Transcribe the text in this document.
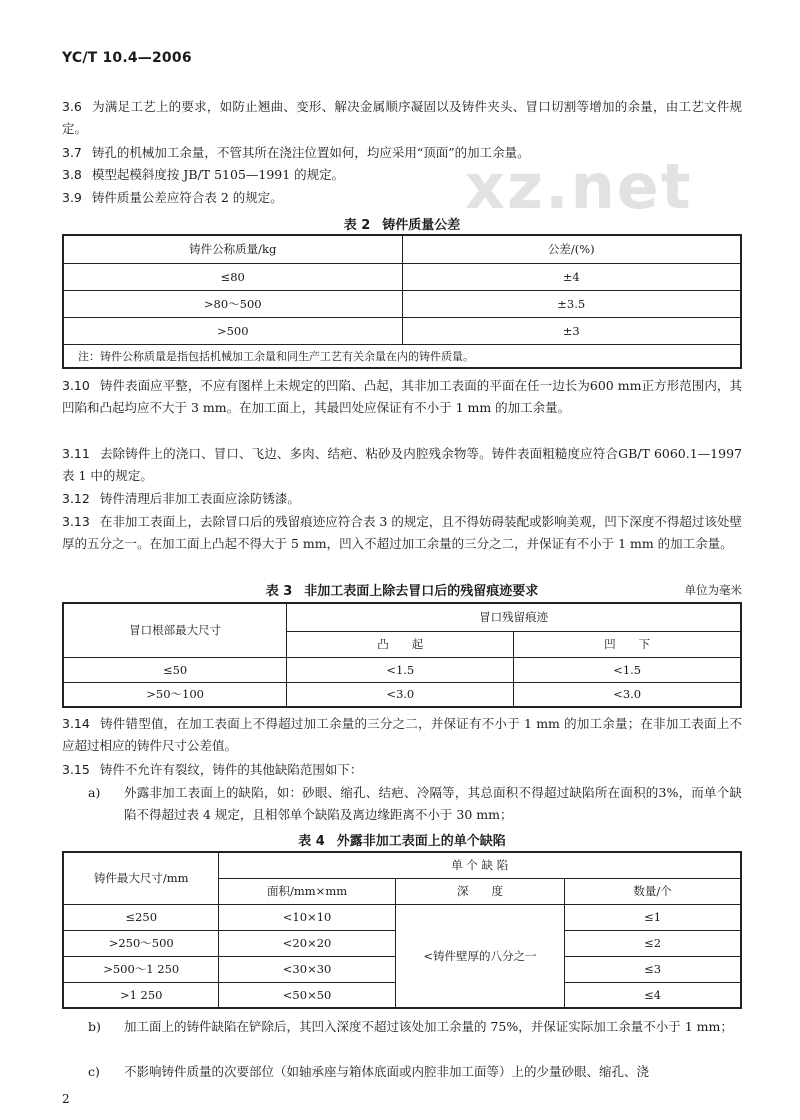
YC/T 10.4—2006
xz.net
3.6 为满足工艺上的要求，如防止翘曲、变形、解决金属顺序凝固以及铸件夹头、冒口切割等增加的余量，由工艺文件规定。
3.7 铸孔的机械加工余量，不管其所在浇注位置如何，均应采用“顶面”的加工余量。
3.8 模型起模斜度按 JB/T 5105—1991 的规定。
3.9 铸件质量公差应符合表 2 的规定。
表 2 铸件质量公差
铸件公称质量/kg	公差/(%)
≤80	±4
>80～500	±3.5
>500	±3
注：铸件公称质量是指包括机械加工余量和同生产工艺有关余量在内的铸件质量。	
3.10 铸件表面应平整，不应有图样上未规定的凹陷、凸起，其非加工表面的平面在任一边长为600 mm正方形范围内，其凹陷和凸起均应不大于 3 mm。在加工面上，其最凹处应保证有不小于 1 mm 的加工余量。
3.11 去除铸件上的浇口、冒口、飞边、多肉、结疤、粘砂及内腔残余物等。铸件表面粗糙度应符合GB/T 6060.1—1997表 1 中的规定。
3.12 铸件清理后非加工表面应涂防锈漆。
3.13 在非加工表面上，去除冒口后的残留痕迹应符合表 3 的规定，且不得妨碍装配或影响美观，凹下深度不得超过该处壁厚的五分之一。在加工面上凸起不得大于 5 mm，凹入不超过加工余量的三分之二，并保证有不小于 1 mm 的加工余量。
表 3 非加工表面上除去冒口后的残留痕迹要求	单位为毫米
冒口根部最大尺寸	冒口残留痕迹	
	凸　　起	凹　　下
≤50	<1.5	<1.5
>50～100	<3.0	<3.0
3.14 铸件错型值，在加工表面上不得超过加工余量的三分之二，并保证有不小于 1 mm 的加工余量；在非加工表面上不应超过相应的铸件尺寸公差值。
3.15 铸件不允许有裂纹，铸件的其他缺陷范围如下：
a) 外露非加工表面上的缺陷，如：砂眼、缩孔、结疤、冷隔等，其总面积不得超过缺陷所在面积的3%，而单个缺陷不得超过表 4 规定，且相邻单个缺陷及离边缘距离不小于 30 mm；
表 4 外露非加工表面上的单个缺陷
铸件最大尺寸/mm	单 个 缺 陷		
	面积/mm×mm	深　　度	数量/个
≤250	<10×10	<铸件壁厚的八分之一	≤1
>250～500	<20×20		≤2
>500～1 250	<30×30		≤3
>1 250	<50×50		≤4
b) 加工面上的铸件缺陷在铲除后，其凹入深度不超过该处加工余量的 75%，并保证实际加工余量不小于 1 mm；
c) 不影响铸件质量的次要部位（如轴承座与箱体底面或内腔非加工面等）上的少量砂眼、缩孔、浇
2
